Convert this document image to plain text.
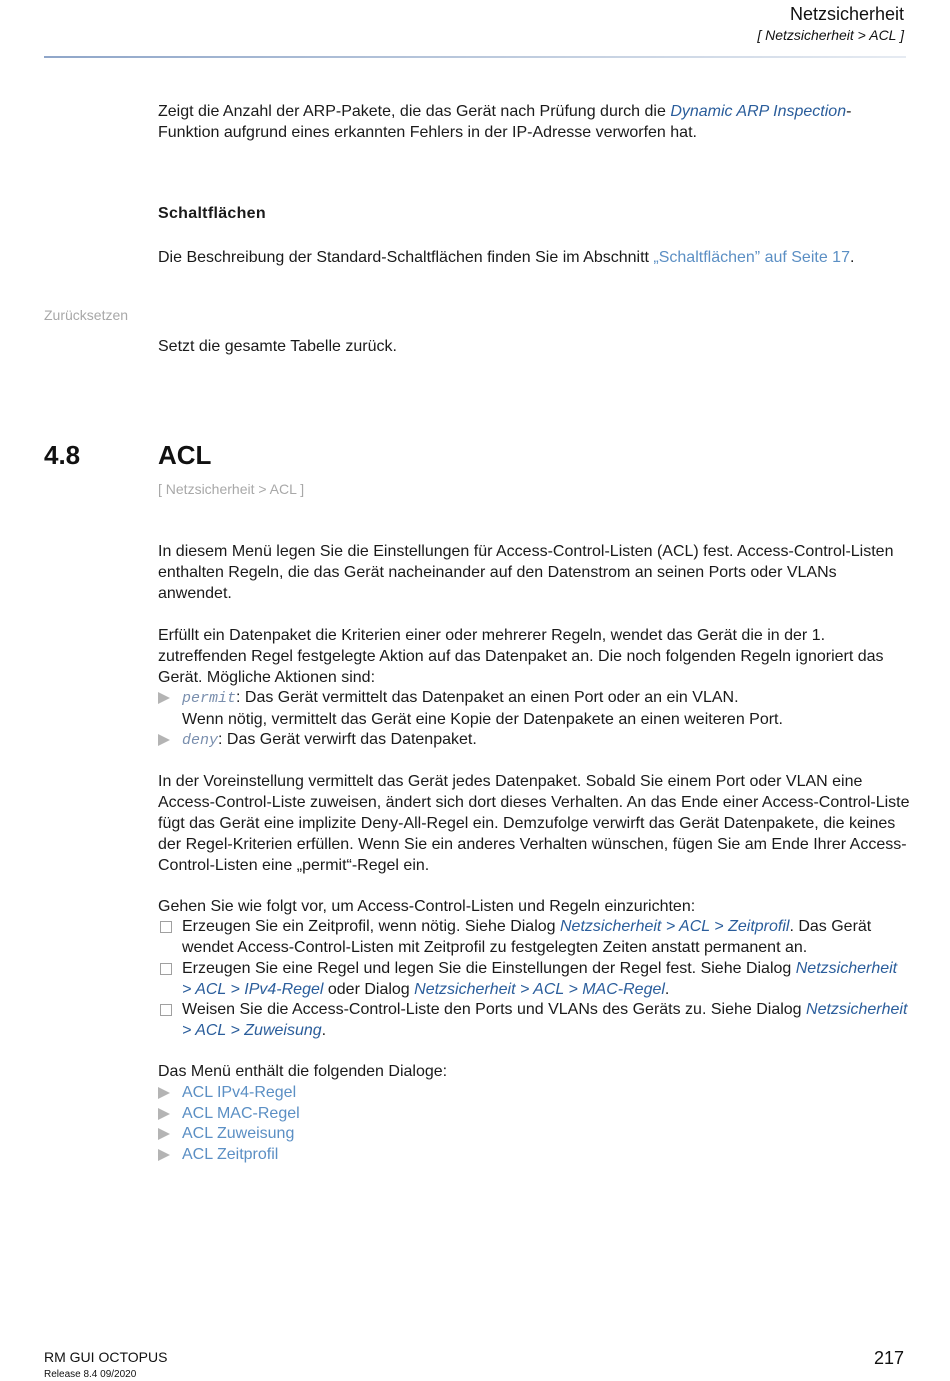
Netzsicherheit
[ Netzsicherheit > ACL ]
Zeigt die Anzahl der ARP-Pakete, die das Gerät nach Prüfung durch die Dynamic ARP Inspection-Funktion aufgrund eines erkannten Fehlers in der IP-Adresse verworfen hat.
Schaltflächen
Die Beschreibung der Standard-Schaltflächen finden Sie im Abschnitt „Schaltflächen” auf Seite 17.
Zurücksetzen
Setzt die gesamte Tabelle zurück.
4.8	ACL
[ Netzsicherheit > ACL ]
In diesem Menü legen Sie die Einstellungen für Access-Control-Listen (ACL) fest. Access-Control-Listen enthalten Regeln, die das Gerät nacheinander auf den Datenstrom an seinen Ports oder VLANs anwendet.
Erfüllt ein Datenpaket die Kriterien einer oder mehrerer Regeln, wendet das Gerät die in der 1. zutreffenden Regel festgelegte Aktion auf das Datenpaket an. Die noch folgenden Regeln ignoriert das Gerät. Mögliche Aktionen sind:
permit: Das Gerät vermittelt das Datenpaket an einen Port oder an ein VLAN.
Wenn nötig, vermittelt das Gerät eine Kopie der Datenpakete an einen weiteren Port.
deny: Das Gerät verwirft das Datenpaket.
In der Voreinstellung vermittelt das Gerät jedes Datenpaket. Sobald Sie einem Port oder VLAN eine Access-Control-Liste zuweisen, ändert sich dort dieses Verhalten. An das Ende einer Access-Control-Liste fügt das Gerät eine implizite Deny-All-Regel ein. Demzufolge verwirft das Gerät Datenpakete, die keines der Regel-Kriterien erfüllen. Wenn Sie ein anderes Verhalten wünschen, fügen Sie am Ende Ihrer Access-Control-Listen eine „permit“-Regel ein.
Gehen Sie wie folgt vor, um Access-Control-Listen und Regeln einzurichten:
Erzeugen Sie ein Zeitprofil, wenn nötig. Siehe Dialog Netzsicherheit > ACL > Zeitprofil. Das Gerät wendet Access-Control-Listen mit Zeitprofil zu festgelegten Zeiten anstatt permanent an.
Erzeugen Sie eine Regel und legen Sie die Einstellungen der Regel fest. Siehe Dialog Netzsicherheit > ACL > IPv4-Regel oder Dialog Netzsicherheit > ACL > MAC-Regel.
Weisen Sie die Access-Control-Liste den Ports und VLANs des Geräts zu. Siehe Dialog Netzsicherheit > ACL > Zuweisung.
Das Menü enthält die folgenden Dialoge:
ACL IPv4-Regel
ACL MAC-Regel
ACL Zuweisung
ACL Zeitprofil
RM GUI OCTOPUS
Release 8.4 09/2020
217
